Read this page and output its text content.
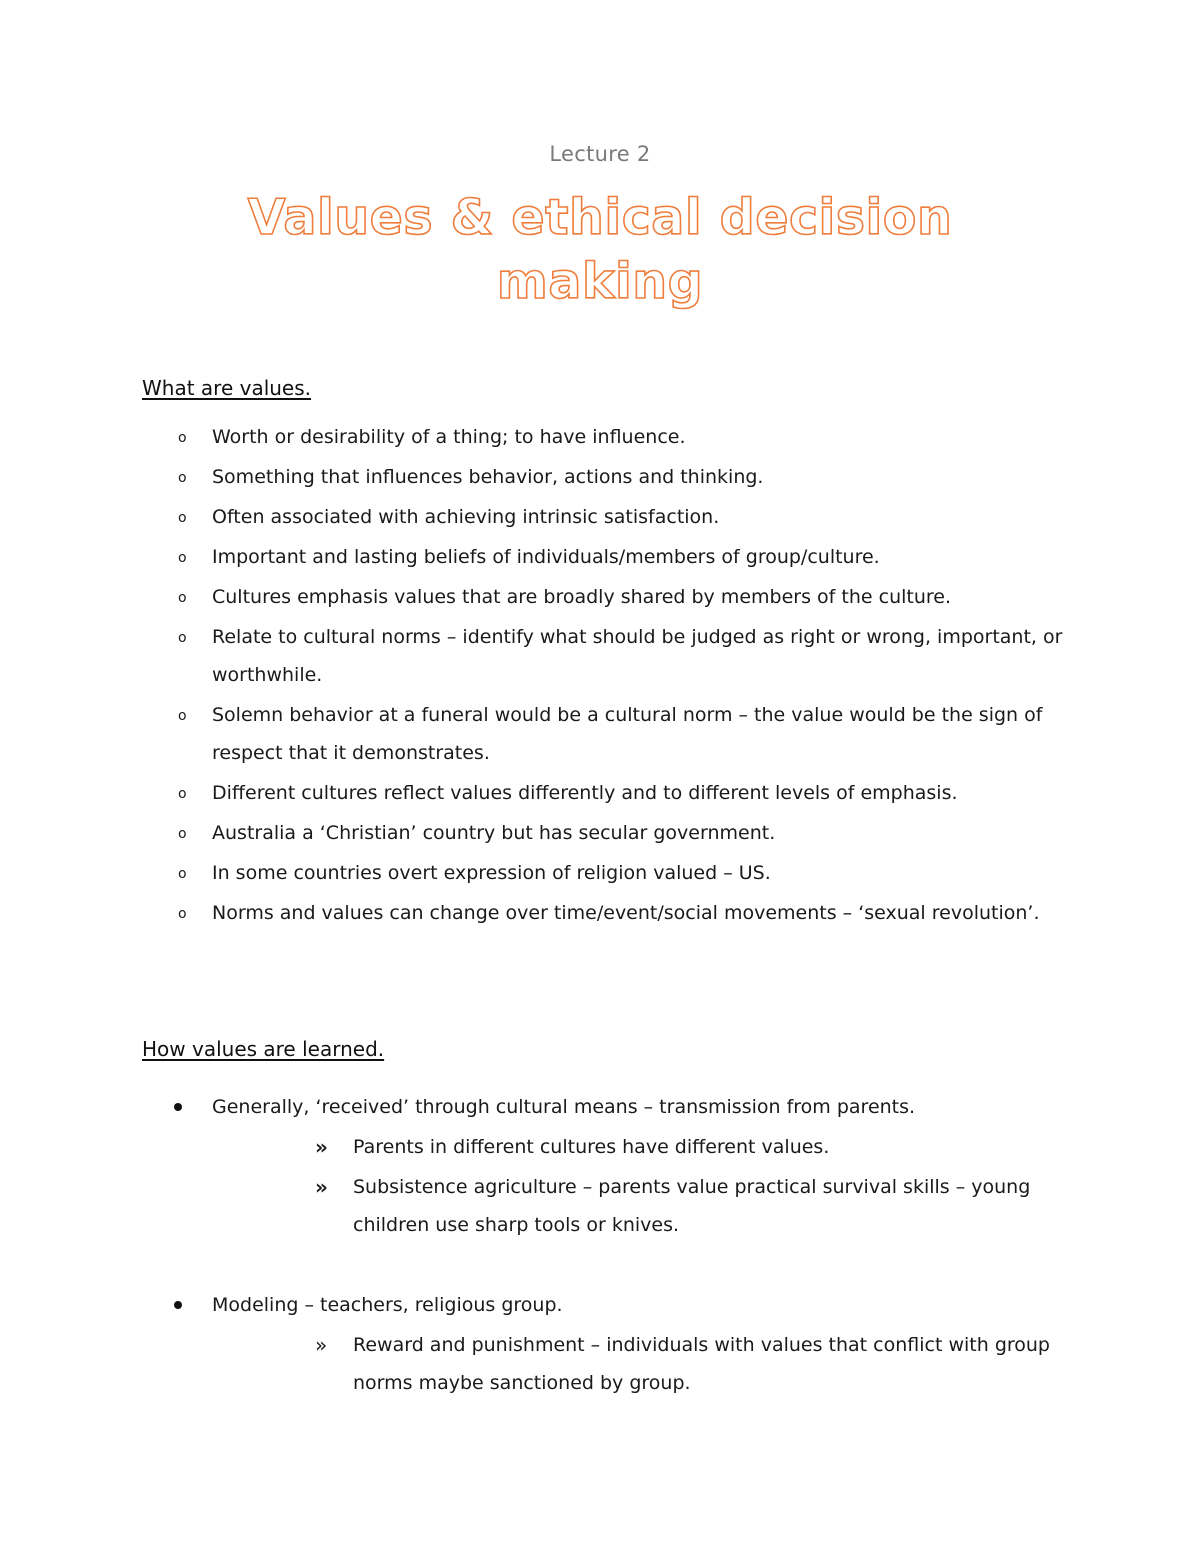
Lecture 2
Values & ethical decision making
What are values.
o Worth or desirability of a thing; to have influence.
o Something that influences behavior, actions and thinking.
o Often associated with achieving intrinsic satisfaction.
o Important and lasting beliefs of individuals/members of group/culture.
o Cultures emphasis values that are broadly shared by members of the culture.
o Relate to cultural norms – identify what should be judged as right or wrong, important, or worthwhile.
o Solemn behavior at a funeral would be a cultural norm – the value would be the sign of respect that it demonstrates.
o Different cultures reflect values differently and to different levels of emphasis.
o Australia a ‘Christian’ country but has secular government.
o In some countries overt expression of religion valued – US.
o Norms and values can change over time/event/social movements – ‘sexual revolution’.
How values are learned.
Generally, ‘received’ through cultural means – transmission from parents.
» Parents in different cultures have different values.
» Subsistence agriculture – parents value practical survival skills – young children use sharp tools or knives.
Modeling – teachers, religious group.
» Reward and punishment – individuals with values that conflict with group norms maybe sanctioned by group.
